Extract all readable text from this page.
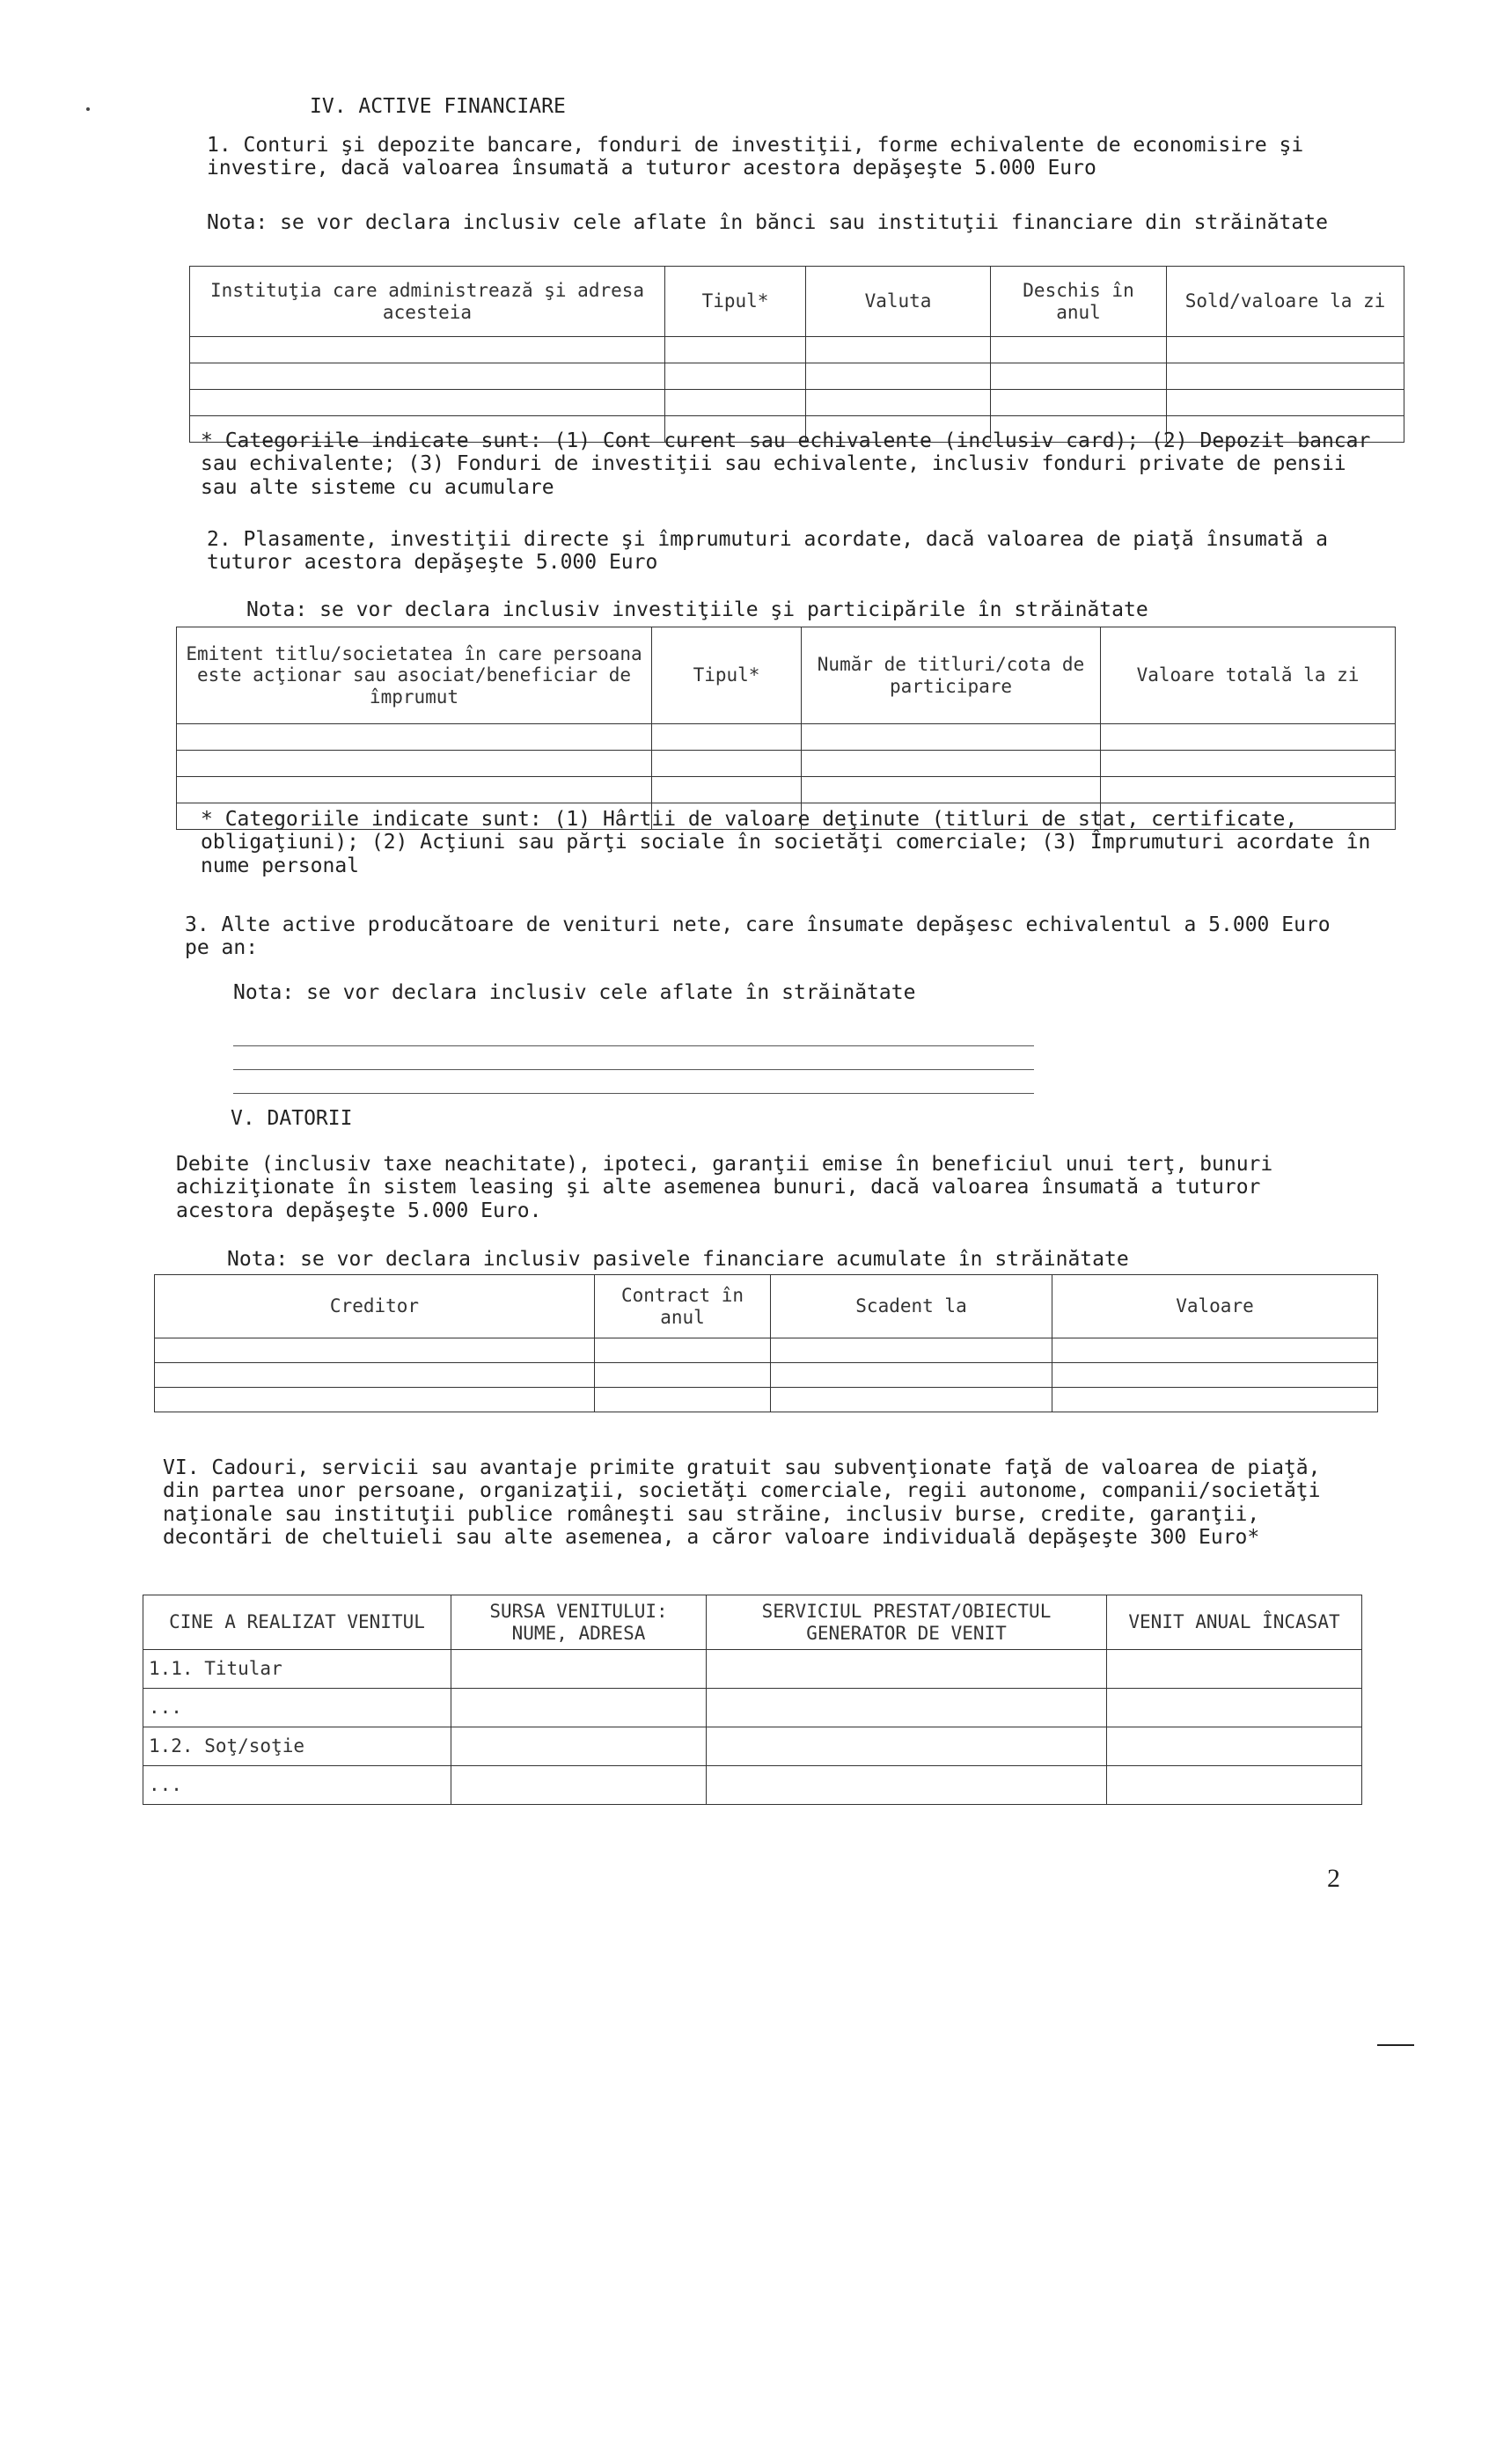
IV. ACTIVE FINANCIARE
1. Conturi şi depozite bancare, fonduri de investiţii, forme echivalente de economisire şi investire, dacă valoarea însumată a tuturor acestora depăşeşte 5.000 Euro
Nota: se vor declara inclusiv cele aflate în bănci sau instituţii financiare din străinătate
Instituţia care administrează şi adresa acesteia	Tipul*	Valuta	Deschis în anul	Sold/valoare la zi

* Categoriile indicate sunt: (1) Cont curent sau echivalente (inclusiv card); (2) Depozit bancar sau echivalente; (3) Fonduri de investiţii sau echivalente, inclusiv fonduri private de pensii sau alte sisteme cu acumulare
2. Plasamente, investiţii directe şi împrumuturi acordate, dacă valoarea de piaţă însumată a tuturor acestora depăşeşte 5.000 Euro
Nota: se vor declara inclusiv investiţiile şi participările în străinătate
Emitent titlu/societatea în care persoana este acţionar sau asociat/beneficiar de împrumut	Tipul*	Număr de titluri/cota de participare	Valoare totală la zi

* Categoriile indicate sunt: (1) Hârtii de valoare deţinute (titluri de stat, certificate, obligaţiuni); (2) Acţiuni sau părţi sociale în societăţi comerciale; (3) Împrumuturi acordate în nume personal
3. Alte active producătoare de venituri nete, care însumate depăşesc echivalentul a 5.000 Euro pe an:
Nota: se vor declara inclusiv cele aflate în străinătate
V. DATORII
Debite (inclusiv taxe neachitate), ipoteci, garanţii emise în beneficiul unui terţ, bunuri achiziţionate în sistem leasing şi alte asemenea bunuri, dacă valoarea însumată a tuturor acestora depăşeşte 5.000 Euro.
Nota: se vor declara inclusiv pasivele financiare acumulate în străinătate
Creditor	Contract în anul	Scadent la	Valoare

VI. Cadouri, servicii sau avantaje primite gratuit sau subvenţionate faţă de valoarea de piaţă, din partea unor persoane, organizaţii, societăţi comerciale, regii autonome, companii/societăţi naţionale sau instituţii publice româneşti sau străine, inclusiv burse, credite, garanţii, decontări de cheltuieli sau alte asemenea, a căror valoare individuală depăşeşte 300 Euro*
CINE A REALIZAT VENITUL	SURSA VENITULUI: NUME, ADRESA	SERVICIUL PRESTAT/OBIECTUL GENERATOR DE VENIT	VENIT ANUAL ÎNCASAT
1.1. Titular			
...			
1.2. Soţ/soţie			
...			
2
